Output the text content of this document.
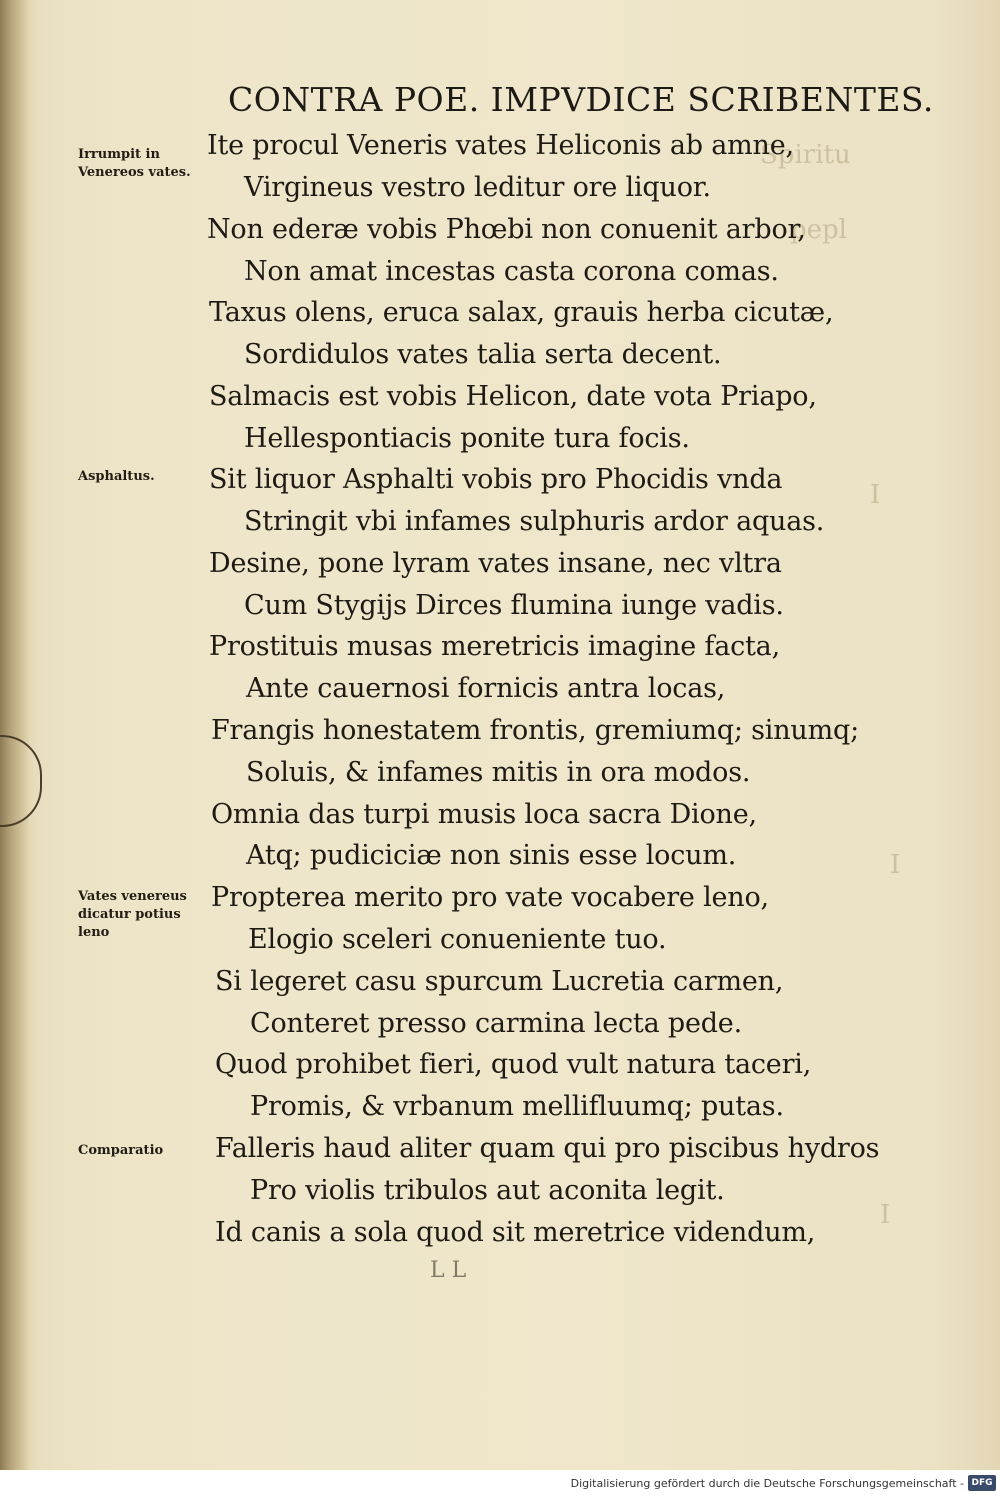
Spiritu
pepl
I
I
I
CONTRA POE. IMPVDICE SCRIBENTES.
Irrumpit in Venereos vates.
Asphaltus.
Vates venereus dicatur potius leno
Comparatio
Ite procul Veneris vates Heliconis ab amne,
Virgineus vestro leditur ore liquor.
Non ederæ vobis Phœbi non conuenit arbor,
Non amat incestas casta corona comas.
Taxus olens, eruca salax, grauis herba cicutæ,
Sordidulos vates talia serta decent.
Salmacis est vobis Helicon, date vota Priapo,
Hellespontiacis ponite tura focis.
Sit liquor Asphalti vobis pro Phocidis vnda
Stringit vbi infames sulphuris ardor aquas.
Desine, pone lyram vates insane, nec vltra
Cum Stygijs Dirces flumina iunge vadis.
Prostituis musas meretricis imagine facta,
Ante cauernosi fornicis antra locas,
Frangis honestatem frontis, gremiumq; sinumq;
Soluis, & infames mitis in ora modos.
Omnia das turpi musis loca sacra Dione,
Atq; pudiciciæ non sinis esse locum.
Propterea merito pro vate vocabere leno,
Elogio sceleri conueniente tuo.
Si legeret casu spurcum Lucretia carmen,
Conteret presso carmina lecta pede.
Quod prohibet fieri, quod vult natura taceri,
Promis, & vrbanum mellifluumq; putas.
Falleris haud aliter quam qui pro piscibus hydros
Pro violis tribulos aut aconita legit.
Id canis a sola quod sit meretrice videndum,
L L
Digitalisierung gefördert durch die Deutsche Forschungsgemeinschaft - DFG
